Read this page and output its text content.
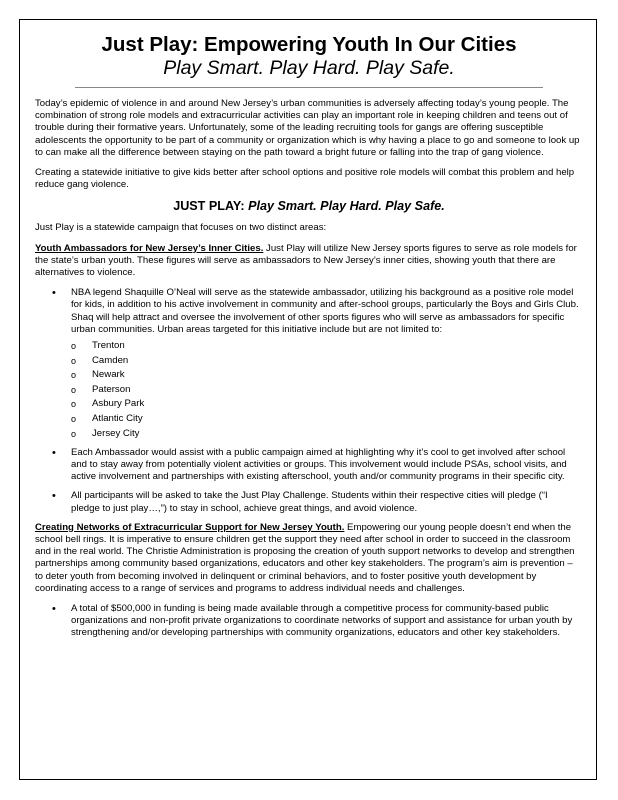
Just Play: Empowering Youth In Our Cities
Play Smart. Play Hard. Play Safe.

Today’s epidemic of violence in and around New Jersey’s urban communities is adversely affecting today’s young people. The combination of strong role models and extracurricular activities can play an important role in keeping children and teens out of trouble during their formative years. Unfortunately, some of the leading recruiting tools for gangs are offering susceptible adolescents the opportunity to be part of a community or organization which is why having a place to go and someone to look up to can make all the difference between staying on the path toward a bright future or falling into the trap of gang violence.

Creating a statewide initiative to give kids better after school options and positive role models will combat this problem and help reduce gang violence.

JUST PLAY: Play Smart. Play Hard. Play Safe.

Just Play is a statewide campaign that focuses on two distinct areas:

Youth Ambassadors for New Jersey’s Inner Cities. Just Play will utilize New Jersey sports figures to serve as role models for the state’s urban youth. These figures will serve as ambassadors to New Jersey’s inner cities, showing youth that there are alternatives to violence.

• NBA legend Shaquille O’Neal will serve as the statewide ambassador, utilizing his background as a positive role model for kids, in addition to his active involvement in community and after-school groups, particularly the Boys and Girls Club. Shaq will help attract and oversee the involvement of other sports figures who will serve as ambassadors for specific urban communities. Urban areas targeted for this initiative include but are not limited to:
o Trenton
o Camden
o Newark
o Paterson
o Asbury Park
o Atlantic City
o Jersey City
• Each Ambassador would assist with a public campaign aimed at highlighting why it’s cool to get involved after school and to stay away from potentially violent activities or groups. This involvement would include PSAs, school visits, and active involvement and partnerships with existing afterschool, youth and/or community programs in their specific city.
• All participants will be asked to take the Just Play Challenge. Students within their respective cities will pledge (“I pledge to just play…,”) to stay in school, achieve great things, and avoid violence.

Creating Networks of Extracurricular Support for New Jersey Youth. Empowering our young people doesn’t end when the school bell rings. It is imperative to ensure children get the support they need after school in order to succeed in the classroom and in the real world. The Christie Administration is proposing the creation of youth support networks to develop and strengthen partnerships among community based organizations, educators and other key stakeholders. The program’s aim is prevention – to deter youth from becoming involved in delinquent or criminal behaviors, and to foster positive youth development by coordinating access to a range of services and programs to address individual needs and challenges.

• A total of $500,000 in funding is being made available through a competitive process for community-based public organizations and non-profit private organizations to coordinate networks of support and assistance for urban youth by strengthening and/or developing partnerships with community organizations, educators and other key stakeholders.
